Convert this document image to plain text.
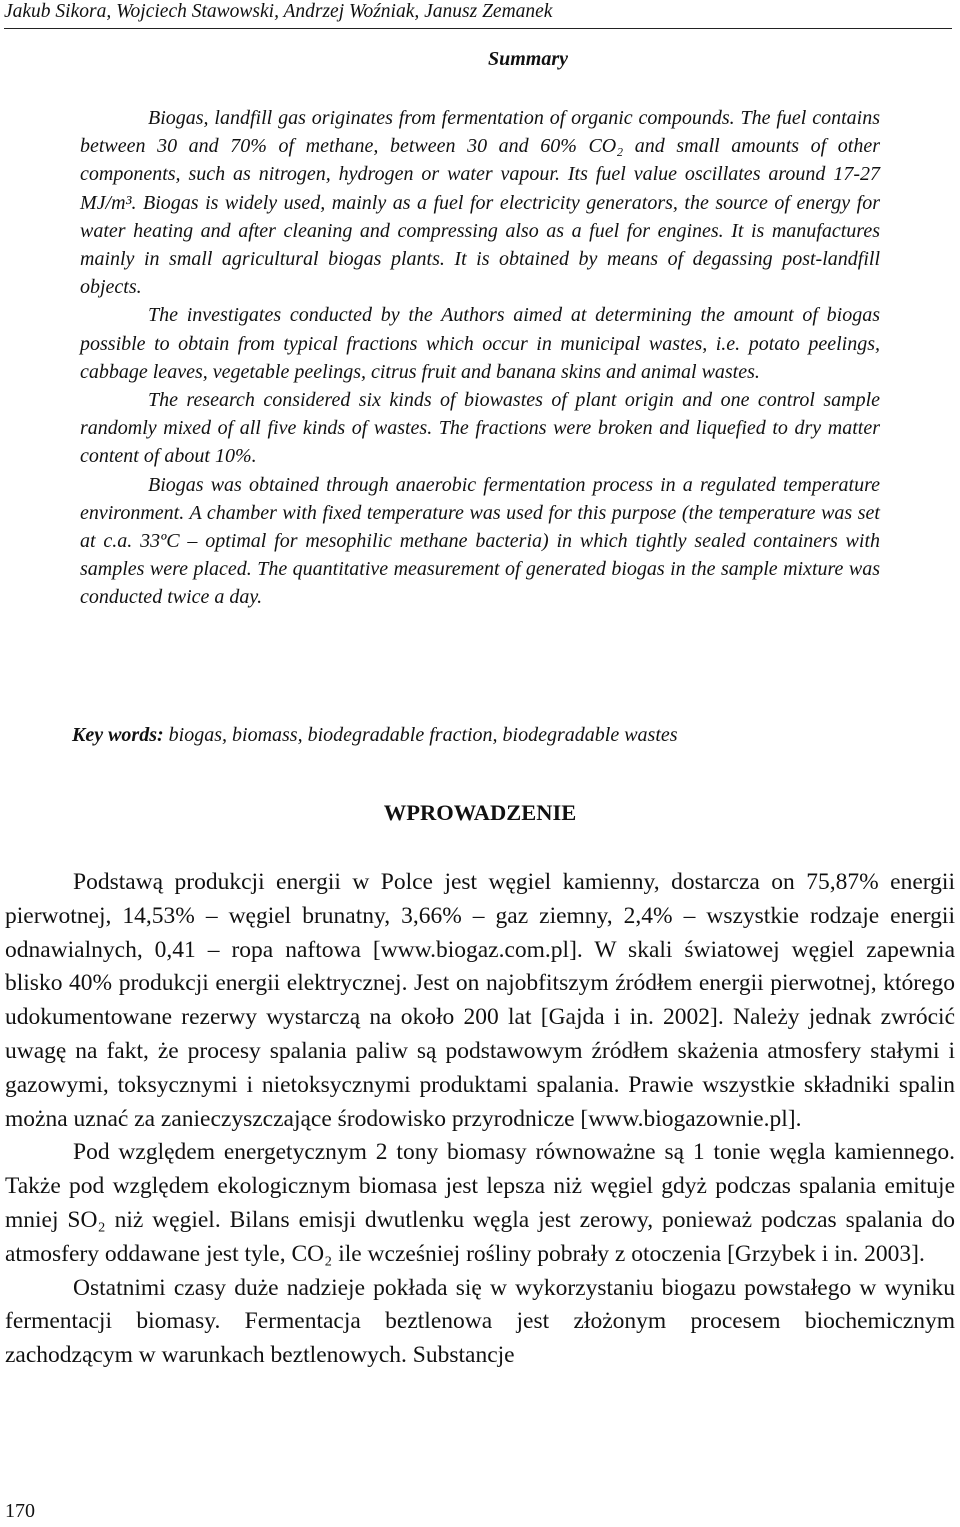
Jakub Sikora, Wojciech Stawowski, Andrzej Woźniak, Janusz Zemanek
Summary

Biogas, landfill gas originates from fermentation of organic compounds. The fuel contains between 30 and 70% of methane, between 30 and 60% CO₂ and small amounts of other components, such as nitrogen, hydrogen or water vapour. Its fuel value oscillates around 17-27 MJ/m³. Biogas is widely used, mainly as a fuel for electricity generators, the source of energy for water heating and after cleaning and compressing also as a fuel for engines. It is manufactures mainly in small agricultural biogas plants. It is obtained by means of degassing post-landfill objects.

The investigates conducted by the Authors aimed at determining the amount of biogas possible to obtain from typical fractions which occur in municipal wastes, i.e. potato peelings, cabbage leaves, vegetable peelings, citrus fruit and banana skins and animal wastes.

The research considered six kinds of biowastes of plant origin and one control sample randomly mixed of all five kinds of wastes. The fractions were broken and liquefied to dry matter content of about 10%.

Biogas was obtained through anaerobic fermentation process in a regulated temperature environment. A chamber with fixed temperature was used for this purpose (the temperature was set at c.a. 33ºC – optimal for mesophilic methane bacteria) in which tightly sealed containers with samples were placed. The quantitative measurement of generated biogas in the sample mixture was conducted twice a day.

Key words: biogas, biomass, biodegradable fraction, biodegradable wastes
WPROWADZENIE

Podstawą produkcji energii w Polce jest węgiel kamienny, dostarcza on 75,87% energii pierwotnej, 14,53% – węgiel brunatny, 3,66% – gaz ziemny, 2,4% – wszystkie rodzaje energii odnawialnych, 0,41 – ropa naftowa [www.biogaz.com.pl]. W skali światowej węgiel zapewnia blisko 40% produkcji energii elektrycznej. Jest on najobfitszym źródłem energii pierwotnej, którego udokumentowane rezerwy wystarczą na około 200 lat [Gajda i in. 2002]. Należy jednak zwrócić uwagę na fakt, że procesy spalania paliw są podstawowym źródłem skażenia atmosfery stałymi i gazowymi, toksycznymi i nietoksycznymi produktami spalania. Prawie wszystkie składniki spalin można uznać za zanieczyszczające środowisko przyrodnicze [www.biogazownie.pl].

Pod względem energetycznym 2 tony biomasy równoważne są 1 tonie węgla kamiennego. Także pod względem ekologicznym biomasa jest lepsza niż węgiel gdyż podczas spalania emituje mniej SO₂ niż węgiel. Bilans emisji dwutlenku węgla jest zerowy, ponieważ podczas spalania do atmosfery oddawane jest tyle, CO₂ ile wcześniej rośliny pobrały z otoczenia [Grzybek i in. 2003].

Ostatnimi czasy duże nadzieje pokłada się w wykorzystaniu biogazu powstałego w wyniku fermentacji biomasy. Fermentacja beztlenowa jest złożonym procesem biochemicznym zachodzącym w warunkach beztlenowych. Substancje

170
